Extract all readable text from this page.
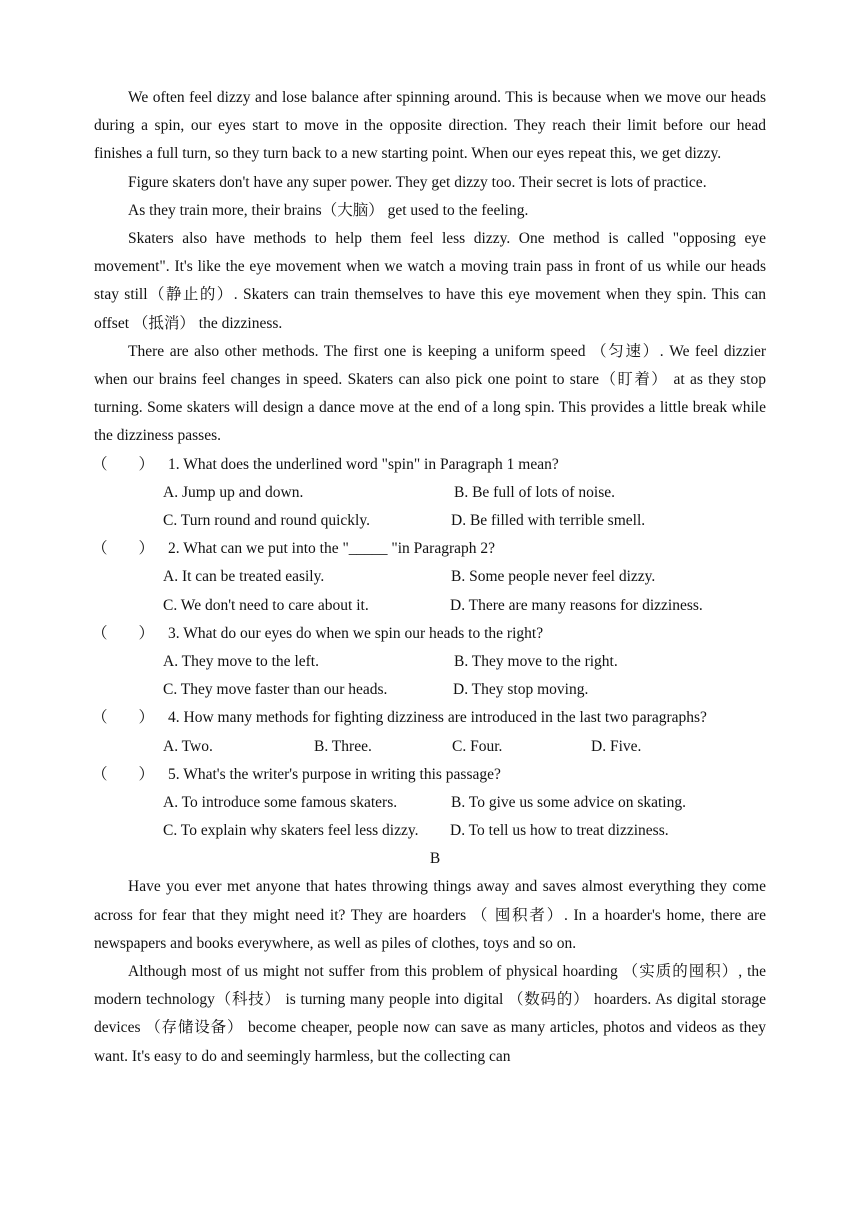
We often feel dizzy and lose balance after spinning around. This is because when we move our heads during a spin, our eyes start to move in the opposite direction. They reach their limit before our head finishes a full turn, so they turn back to a new starting point. When our eyes repeat this, we get dizzy.

Figure skaters don't have any super power. They get dizzy too. Their secret is lots of practice.

As they train more, their brains（大脑） get used to the feeling.

Skaters also have methods to help them feel less dizzy. One method is called "opposing eye movement". It's like the eye movement when we watch a moving train pass in front of us while our heads stay still（静止的）. Skaters can train themselves to have this eye movement when they spin. This can offset （抵消） the dizziness.

There are also other methods. The first one is keeping a uniform speed （匀速）. We feel dizzier when our brains feel changes in speed. Skaters can also pick one point to stare（盯着） at as they stop turning. Some skaters will design a dance move at the end of a long spin. This provides a little break while the dizziness passes.

（　　） 1. What does the underlined word "spin" in Paragraph 1 mean?
A. Jump up and down.	B. Be full of lots of noise.
C. Turn round and round quickly.	D. Be filled with terrible smell.
（　　） 2. What can we put into the "_____ "in Paragraph 2?
A. It can be treated easily.	B. Some people never feel dizzy.
C. We don't need to care about it.	D. There are many reasons for dizziness.
（　　） 3. What do our eyes do when we spin our heads to the right?
A. They move to the left.	B. They move to the right.
C. They move faster than our heads.	D. They stop moving.
（　　） 4. How many methods for fighting dizziness are introduced in the last two paragraphs?
A. Two.	B. Three.	C. Four.	D. Five.
（　　） 5. What's the writer's purpose in writing this passage?
A. To introduce some famous skaters.	B. To give us some advice on skating.
C. To explain why skaters feel less dizzy. D. To tell us how to treat dizziness.
B

Have you ever met anyone that hates throwing things away and saves almost everything they come across for fear that they might need it? They are hoarders （ 囤积者）. In a hoarder's home, there are newspapers and books everywhere, as well as piles of clothes, toys and so on.

Although most of us might not suffer from this problem of physical hoarding （实质的囤积）, the modern technology（科技） is turning many people into digital （数码的） hoarders. As digital storage devices （存储设备） become cheaper, people now can save as many articles, photos and videos as they want. It's easy to do and seemingly harmless, but the collecting can
